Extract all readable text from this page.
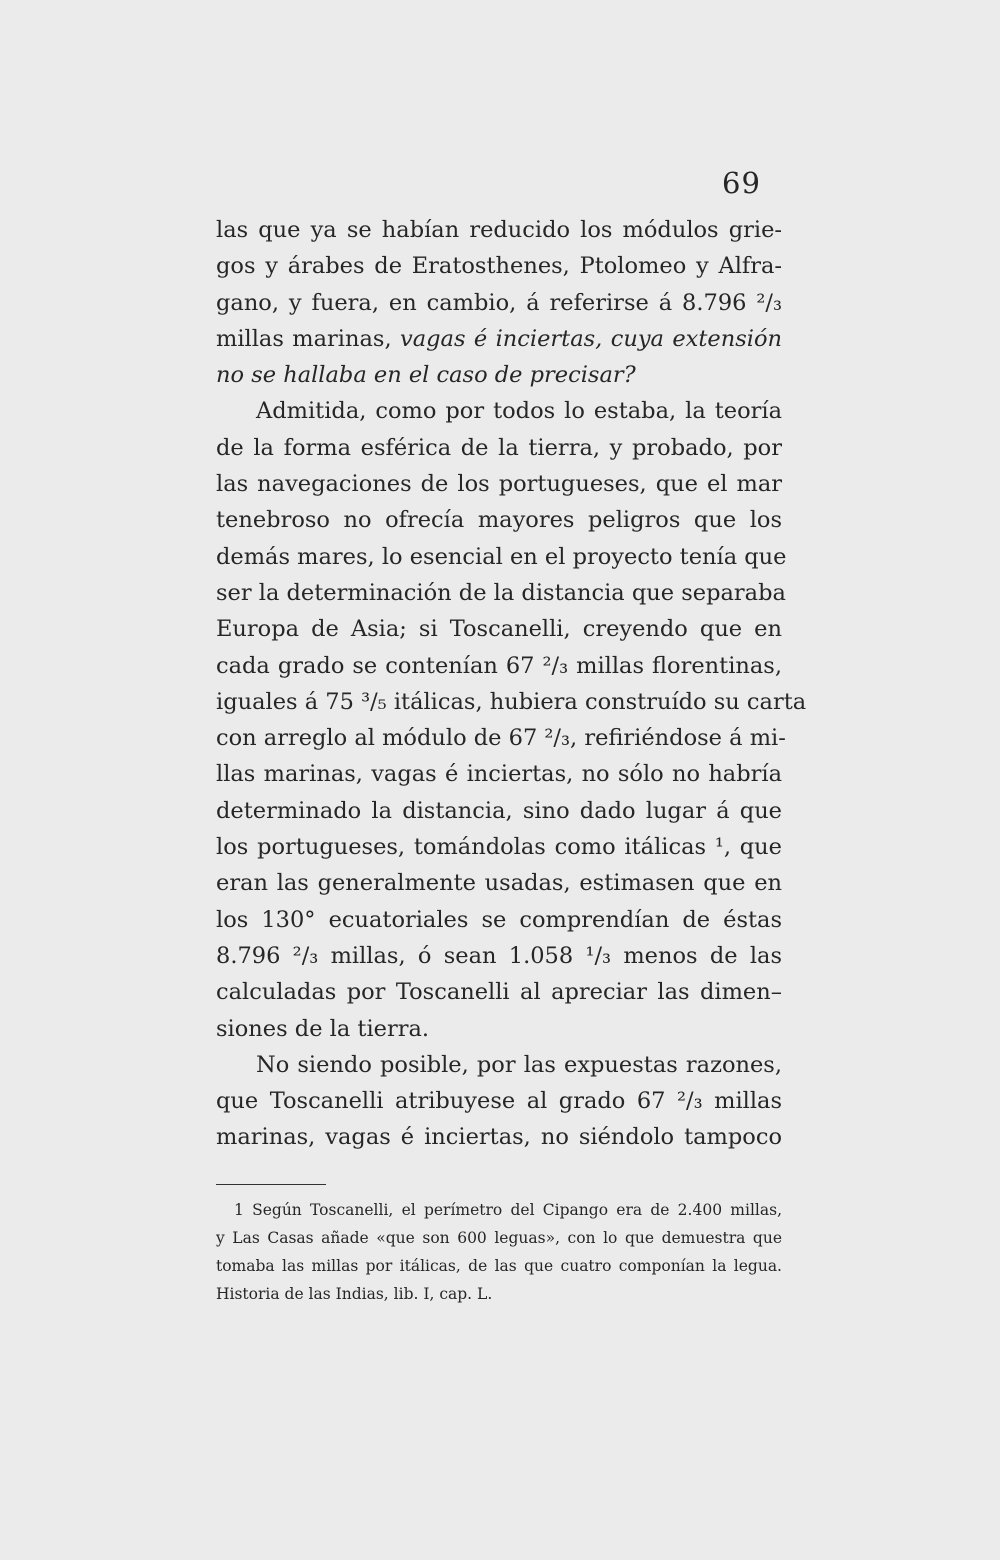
69
las que ya se habían reducido los módulos grie-
gos y árabes de Eratosthenes, Ptolomeo y Alfra-
gano, y fuera, en cambio, á referirse á 8.796 ²/₃
millas marinas, vagas é inciertas, cuya extensión
no se hallaba en el caso de precisar?
Admitida, como por todos lo estaba, la teoría
de la forma esférica de la tierra, y probado, por
las navegaciones de los portugueses, que el mar
tenebroso no ofrecía mayores peligros que los
demás mares, lo esencial en el proyecto tenía que
ser la determinación de la distancia que separaba
Europa de Asia; si Toscanelli, creyendo que en
cada grado se contenían 67 ²/₃ millas florentinas,
iguales á 75 ³/₅ itálicas, hubiera construído su carta
con arreglo al módulo de 67 ²/₃, refiriéndose á mi-
llas marinas, vagas é inciertas, no sólo no habría
determinado la distancia, sino dado lugar á que
los portugueses, tomándolas como itálicas ¹, que
eran las generalmente usadas, estimasen que en
los 130° ecuatoriales se comprendían de éstas
8.796 ²/₃ millas, ó sean 1.058 ¹/₃ menos de las
calculadas por Toscanelli al apreciar las dimen–
siones de la tierra.
No siendo posible, por las expuestas razones,
que Toscanelli atribuyese al grado 67 ²/₃ millas
marinas, vagas é inciertas, no siéndolo tampoco
1 Según Toscanelli, el perímetro del Cipango era de 2.400 millas,
y Las Casas añade «que son 600 leguas», con lo que demuestra que
tomaba las millas por itálicas, de las que cuatro componían la legua.
Historia de las Indias, lib. I, cap. L.
